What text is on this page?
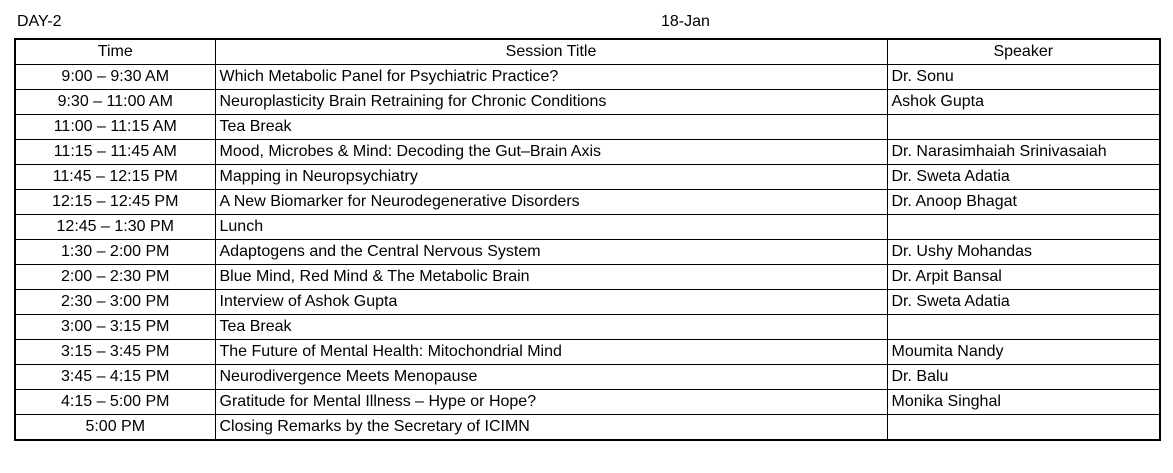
DAY-2	18-Jan
Time	Session Title	Speaker
9:00 – 9:30 AM	Which Metabolic Panel for Psychiatric Practice?	Dr. Sonu
9:30 – 11:00 AM	Neuroplasticity Brain Retraining for Chronic Conditions	Ashok Gupta
11:00 – 11:15 AM	Tea Break	
11:15 – 11:45 AM	Mood, Microbes & Mind: Decoding the Gut–Brain Axis	Dr. Narasimhaiah Srinivasaiah
11:45 – 12:15 PM	Mapping in Neuropsychiatry	Dr. Sweta Adatia
12:15 – 12:45 PM	A New Biomarker for Neurodegenerative Disorders	Dr. Anoop Bhagat
12:45 – 1:30 PM	Lunch	
1:30 – 2:00 PM	Adaptogens and the Central Nervous System	Dr. Ushy Mohandas
2:00 – 2:30 PM	Blue Mind, Red Mind & The Metabolic Brain	Dr. Arpit Bansal
2:30 – 3:00 PM	Interview of Ashok Gupta	Dr. Sweta Adatia
3:00 – 3:15 PM	Tea Break	
3:15 – 3:45 PM	The Future of Mental Health: Mitochondrial Mind	Moumita Nandy
3:45 – 4:15 PM	Neurodivergence Meets Menopause	Dr. Balu
4:15 – 5:00 PM	Gratitude for Mental Illness – Hype or Hope?	Monika Singhal
5:00 PM	Closing Remarks by the Secretary of ICIMN	
